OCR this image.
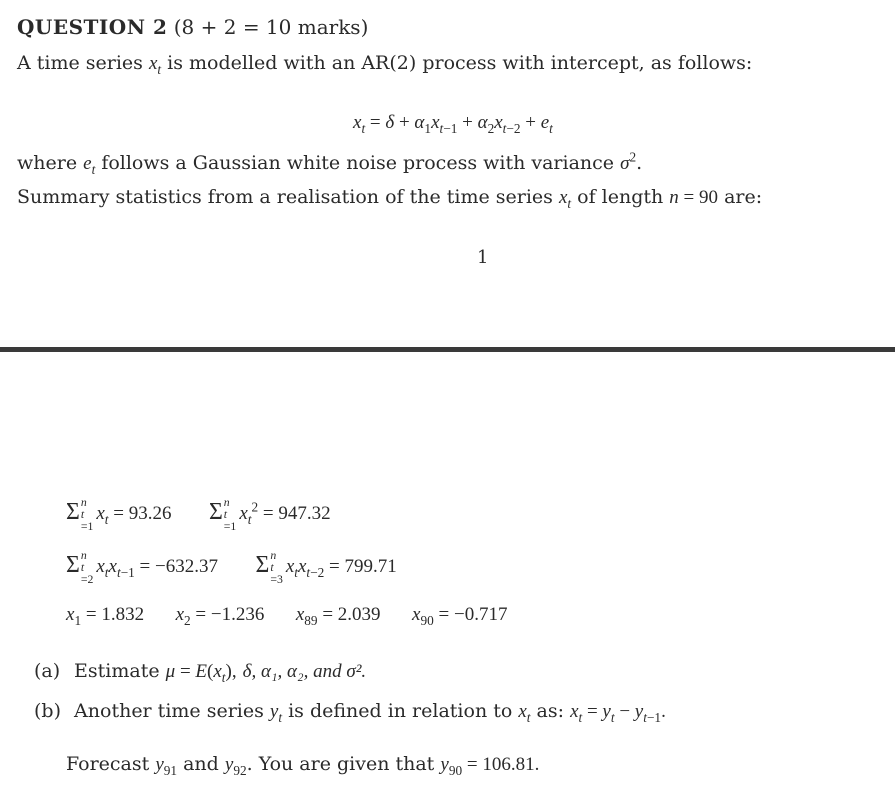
QUESTION 2 (8 + 2 = 10 marks)
A time series $x_t$ is modelled with an AR(2) process with intercept, as follows:
$x_t = \delta + \alpha_1x_{t-1} + \alpha_2x_{t-2} + e_t$
where $e_t$ follows a Gaussian white noise process with variance $\sigma^2$.
Summary statistics from a realisation of the time series $x_t$ of length n = 90 are:
1
Σ n
t
=1
$x_t = 93.26$ Σ n
t
=1
$x_t^2 = 947.32$
Σ n
t
=2
$x_tx_{t-1} = -632.37$ Σ n
t
=3
$x_tx_{t-2} = 799.71$
$x_1 = 1.832$  $x_2 = -1.236$  $x_{89} = 2.039$  $x_{90} = -0.717$
(a) Estimate $\mu = E(x_t)$, δ, α₁, α₂, and σ².
(b) Another time series $y_t$ is defined in relation to $x_t$ as: $x_t = y_t - y_{t-1}$.
Forecast $y_{91}$ and $y_{92}$. You are given that $y_{90} = 106.81$.
